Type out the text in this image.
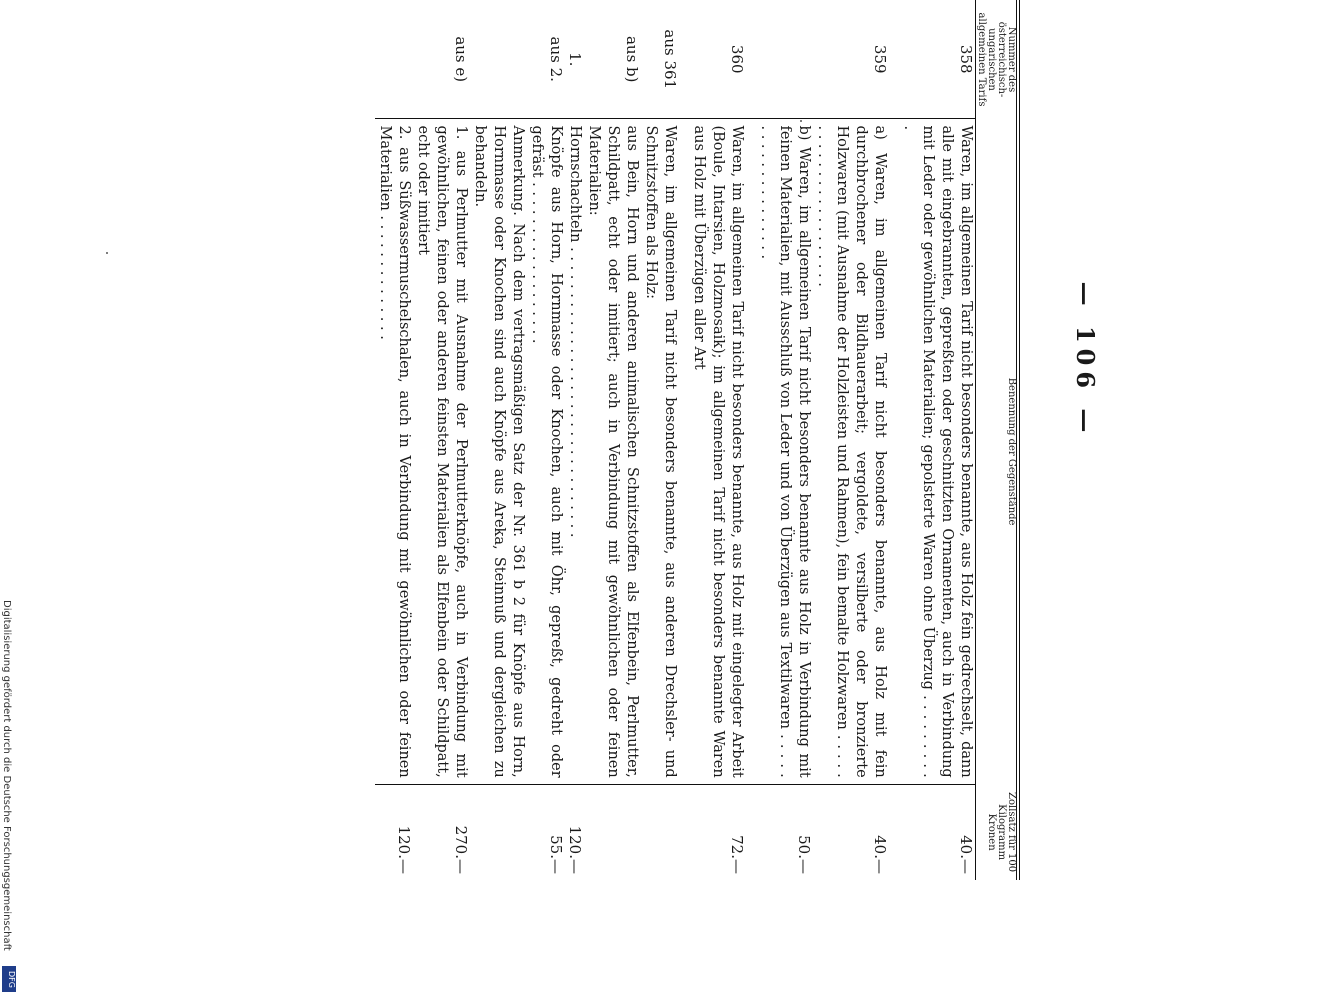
— 106 —
Nummer des österreichisch-ungarischen allgemeinen Tarifs	Benennung der Gegenstände	Zollsatz für 100 Kilogramm Kronen
358	Waren, im allgemeinen Tarif nicht besonders benannte, aus Holz fein gedrechselt, dann alle mit eingebrannten, gepreßten oder geschnitzten Ornamenten, auch in Verbindung mit Leder oder gewöhnlichen Materialien; gepolsterte Waren ohne Überzug . . . . . . . . . .	40.—

359	a) Waren, im allgemeinen Tarif nicht besonders benannte, aus Holz mit fein durchbrochener oder Bildhauerarbeit; vergoldete, versilberte oder bronzierte Holzwaren (mit Ausnahme der Holzleisten und Rahmen), fein bemalte Holzwaren . . . . . . . . . . . . . . . . . . . . . . .	40.—
	b) Waren, im allgemeinen Tarif nicht besonders benannte aus Holz in Verbindung mit feinen Materialien, mit Ausschluß von Leder und von Überzügen aus Textilwaren . . . . . . . . . . . . . . . . . . . .	50.—

360	Waren, im allgemeinen Tarif nicht besonders benannte, aus Holz mit eingelegter Arbeit (Boule, Intarsien, Holzmosaik); im allgemeinen Tarif nicht besonders benannte Waren aus Holz mit Überzügen aller Art	72.—

aus 361	Waren, im allgemeinen Tarif nicht besonders benannte, aus anderen Drechsler- und Schnitzstoffen als Holz:	
aus b)	aus Bein, Horn und anderen animalischen Schnitzstoffen als Elfenbein, Perlmutter, Schildpatt, echt oder imitiert; auch in Verbindung mit gewöhnlichen oder feinen Materialien:	
1.	Hornschachteln . . . . . . . . . . . . . . . . . . . . . . . . . . . . . . . .	120.—
aus 2.	Knöpfe aus Horn, Hornmasse oder Knochen, auch mit Öhr, gepreßt, gedreht oder gefräst . . . . . . . . . . . . . . . . . .	55.—
	Anmerkung. Nach dem vertragsmäßigen Satz der Nr. 361 b 2 für Knöpfe aus Horn, Hornmasse oder Knochen sind auch Knöpfe aus Areka, Steinnuß und dergleichen zu behandeln.	
aus e)	1. aus Perlmutter mit Ausnahme der Perlmutterknöpfe, auch in Verbindung mit gewöhnlichen, feinen oder anderen feinsten Materialien als Elfenbein oder Schildpatt, echt oder imitiert	270.—
	2. aus Süßwassermuschelschalen, auch in Verbindung mit gewöhnlichen oder feinen Materialien . . . . . . . . . . . . . .	120.—
Digitalisierung gefördert durch die Deutsche Forschungsgemeinschaft
DFG
